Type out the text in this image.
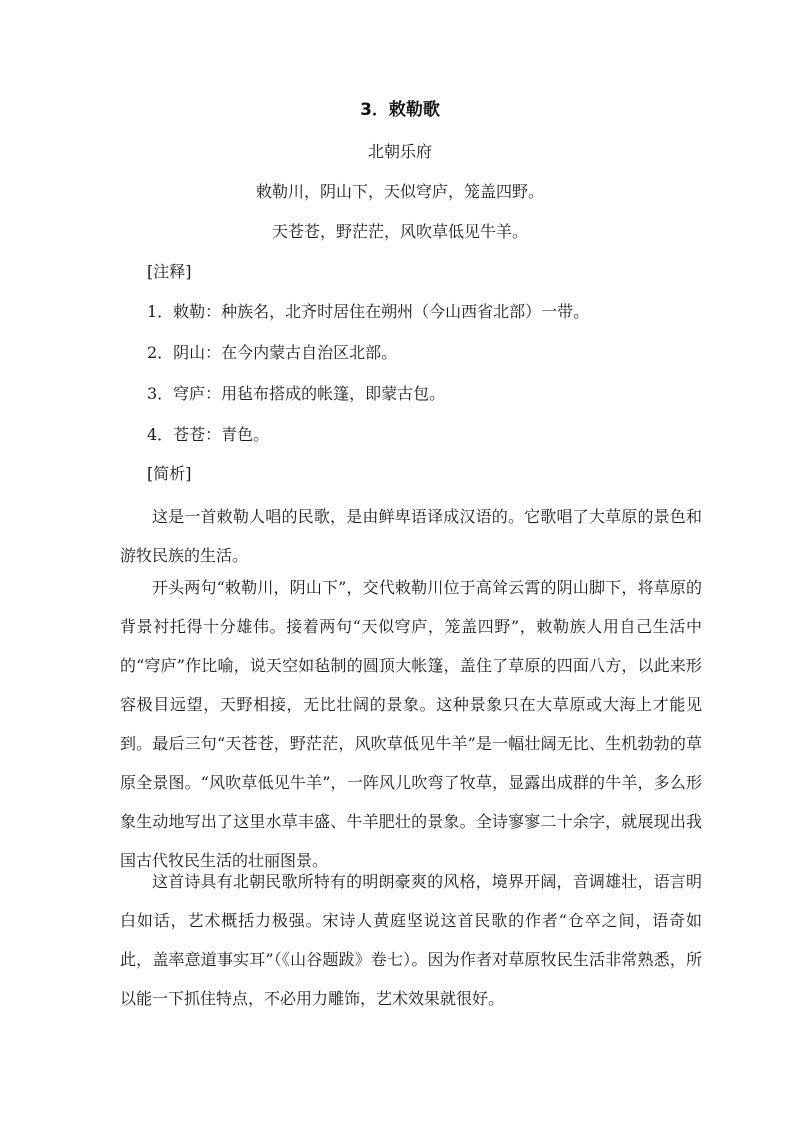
3．敕勒歌
北朝乐府
敕勒川，阴山下，天似穹庐，笼盖四野。
天苍苍，野茫茫，风吹草低见牛羊。
[注释]
1．敕勒：种族名，北齐时居住在朔州（今山西省北部）一带。
2．阴山：在今内蒙古自治区北部。
3．穹庐：用毡布搭成的帐篷，即蒙古包。
4．苍苍：青色。
[简析]

这是一首敕勒人唱的民歌，是由鲜卑语译成汉语的。它歌唱了大草原的景色和游牧民族的生活。

开头两句“敕勒川，阴山下”，交代敕勒川位于高耸云霄的阴山脚下，将草原的背景衬托得十分雄伟。接着两句“天似穹庐，笼盖四野”，敕勒族人用自己生活中的“穹庐”作比喻，说天空如毡制的圆顶大帐篷，盖住了草原的四面八方，以此来形容极目远望，天野相接，无比壮阔的景象。这种景象只在大草原或大海上才能见到。最后三句“天苍苍，野茫茫，风吹草低见牛羊”是一幅壮阔无比、生机勃勃的草原全景图。“风吹草低见牛羊”，一阵风儿吹弯了牧草，显露出成群的牛羊，多么形象生动地写出了这里水草丰盛、牛羊肥壮的景象。全诗寥寥二十余字，就展现出我国古代牧民生活的壮丽图景。

这首诗具有北朝民歌所特有的明朗豪爽的风格，境界开阔，音调雄壮，语言明白如话，艺术概括力极强。宋诗人黄庭坚说这首民歌的作者“仓卒之间，语奇如此，盖率意道事实耳”（《山谷题跋》卷七）。因为作者对草原牧民生活非常熟悉，所以能一下抓住特点，不必用力雕饰，艺术效果就很好。
